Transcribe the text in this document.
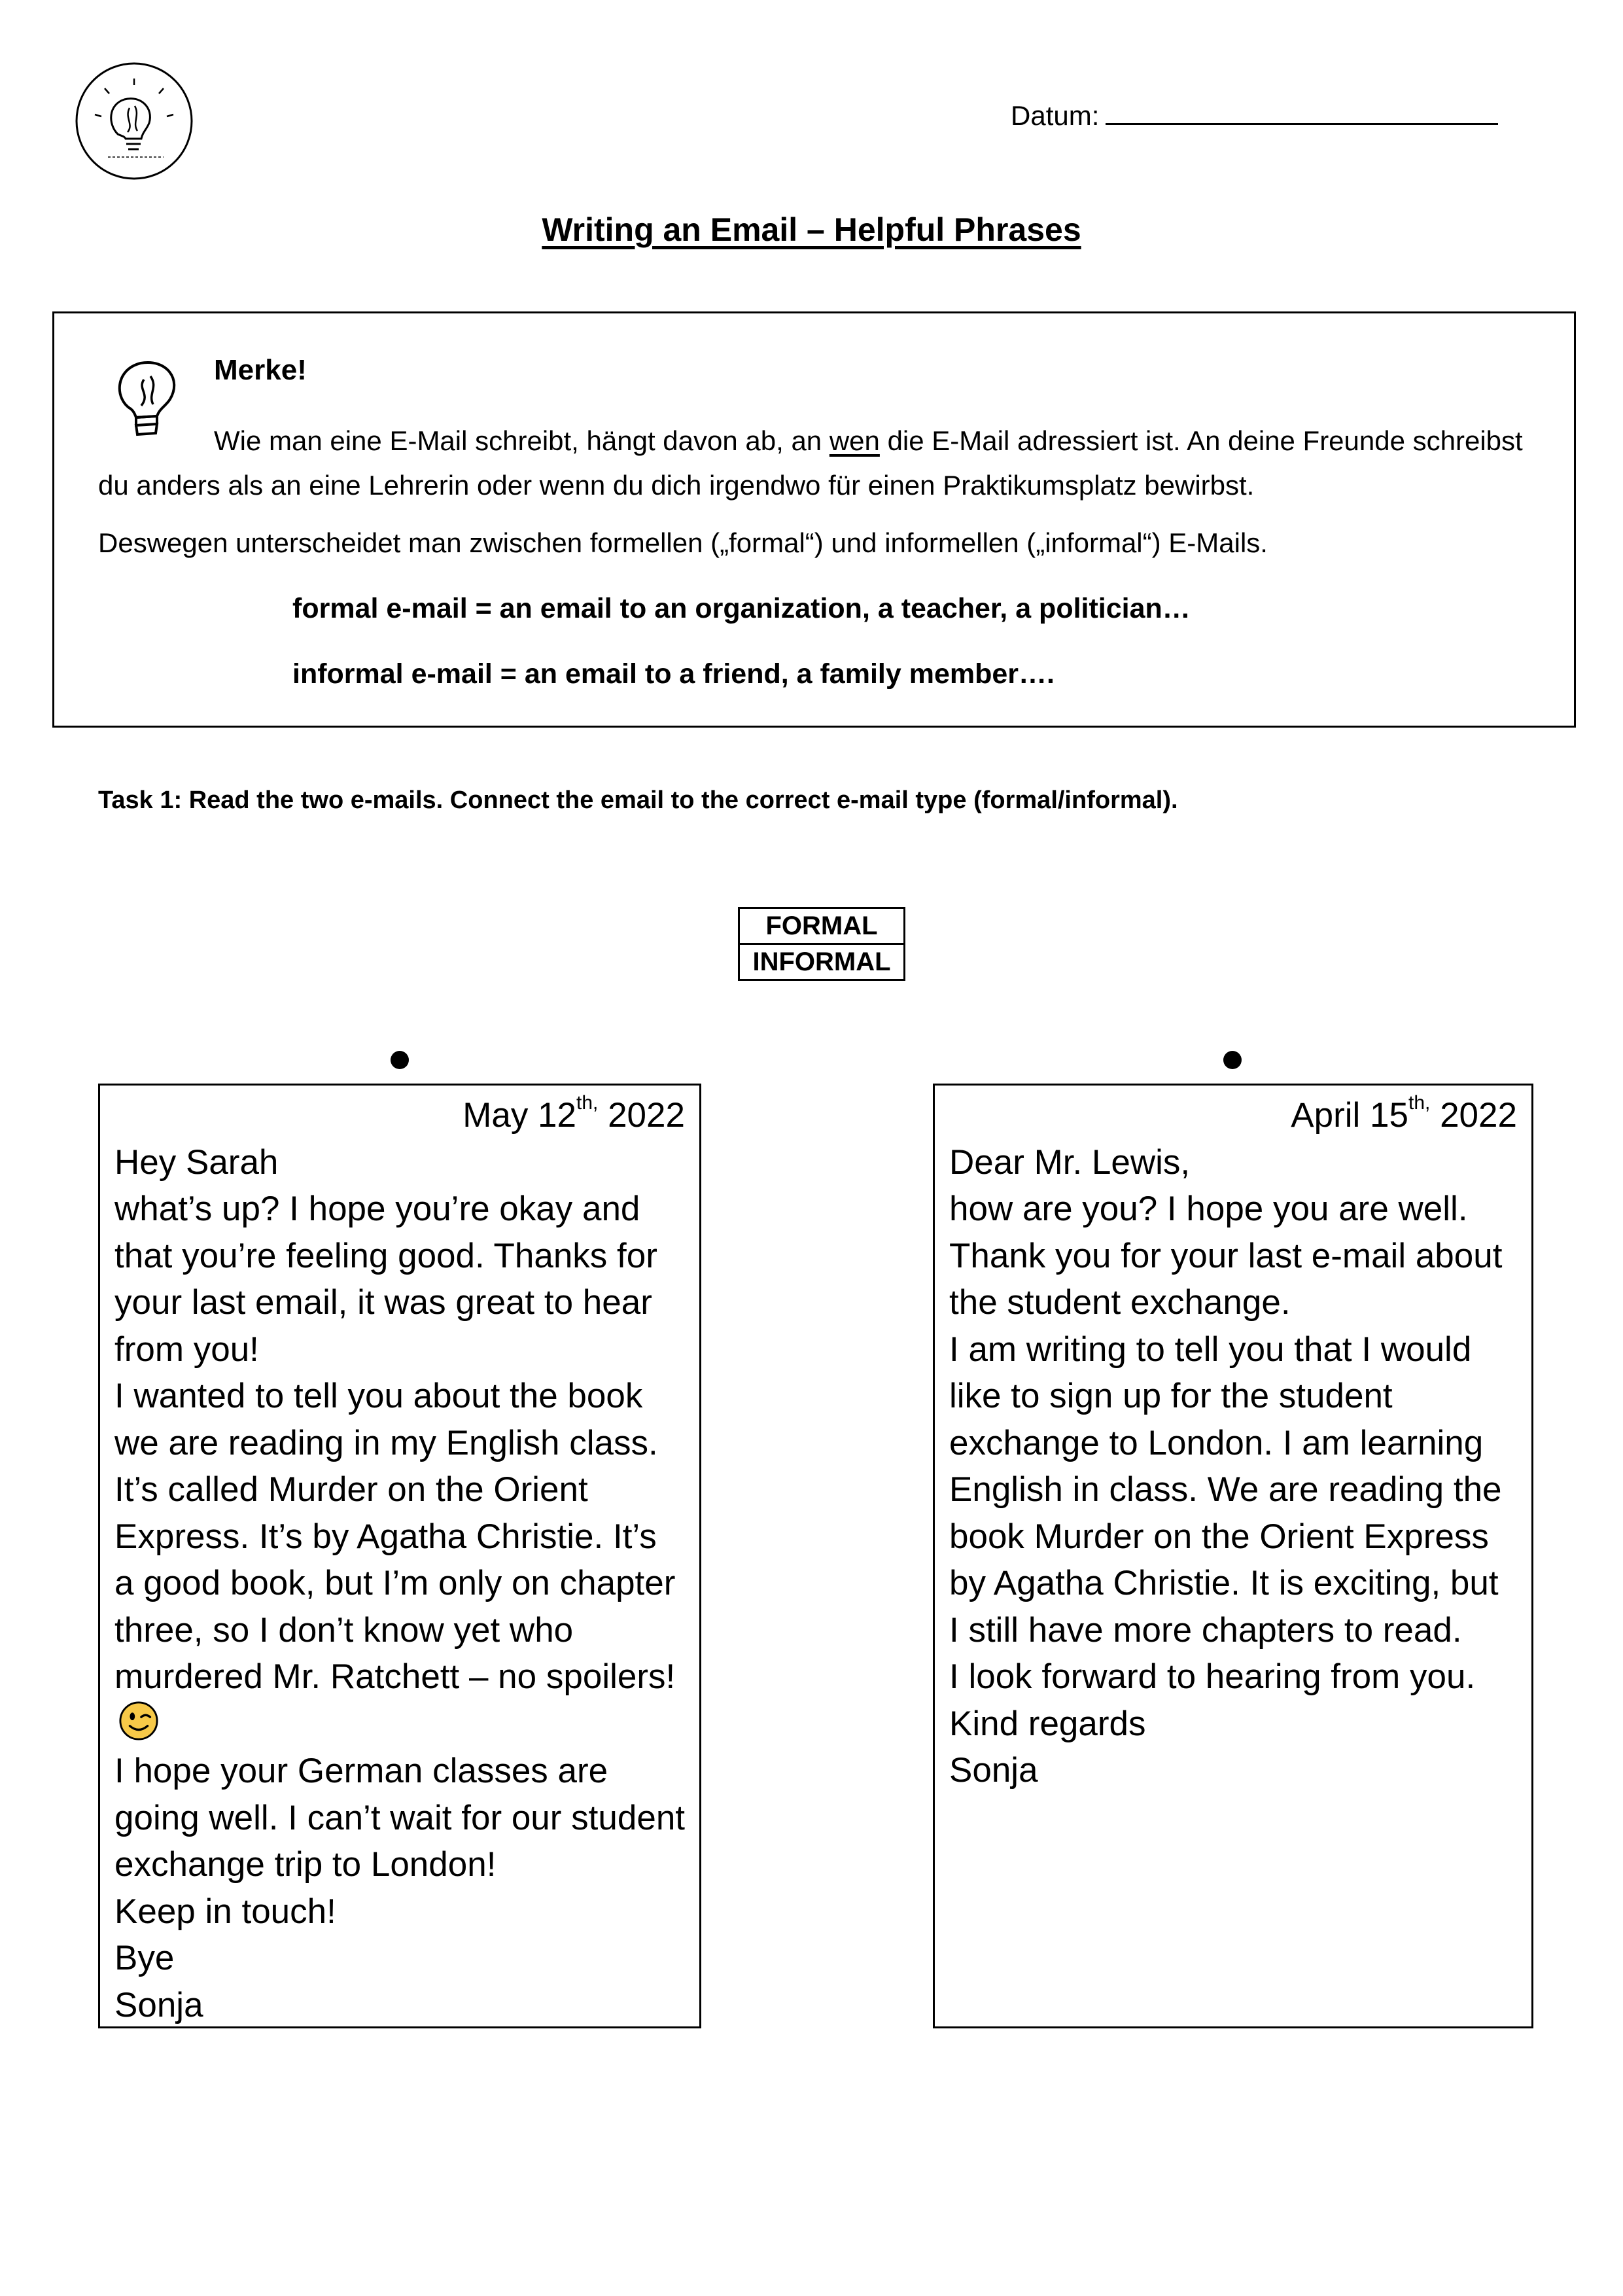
Datum:
Writing an Email – Helpful Phrases
Merke!
Wie man eine E-Mail schreibt, hängt davon ab, an wen die E-Mail adressiert ist. An deine Freunde schreibst du anders als an eine Lehrerin oder wenn du dich irgendwo für einen Praktikumsplatz bewirbst.
Deswegen unterscheidet man zwischen formellen („formal“) und informellen („informal“) E-Mails.
formal e-mail = an email to an organization, a teacher, a politician…
informal e-mail = an email to a friend, a family member….
Task 1: Read the two e-mails. Connect the email to the correct e-mail type (formal/informal).
FORMAL
INFORMAL
May $12^{th,}$ 2022
Hey Sarah
what’s up? I hope you’re okay and that you’re feeling good. Thanks for your last email, it was great to hear from you!
I wanted to tell you about the book we are reading in my English class. It’s called Murder on the Orient Express. It’s by Agatha Christie. It’s a good book, but I’m only on chapter three, so I don’t know yet who murdered Mr. Ratchett – no spoilers!
I hope your German classes are going well. I can’t wait for our student exchange trip to London!
Keep in touch!
Bye
Sonja
April $15^{th,}$ 2022
Dear Mr. Lewis,
how are you? I hope you are well. Thank you for your last e-mail about the student exchange.
I am writing to tell you that I would like to sign up for the student exchange to London. I am learning English in class. We are reading the book Murder on the Orient Express by Agatha Christie. It is exciting, but I still have more chapters to read.
I look forward to hearing from you.
Kind regards
Sonja
